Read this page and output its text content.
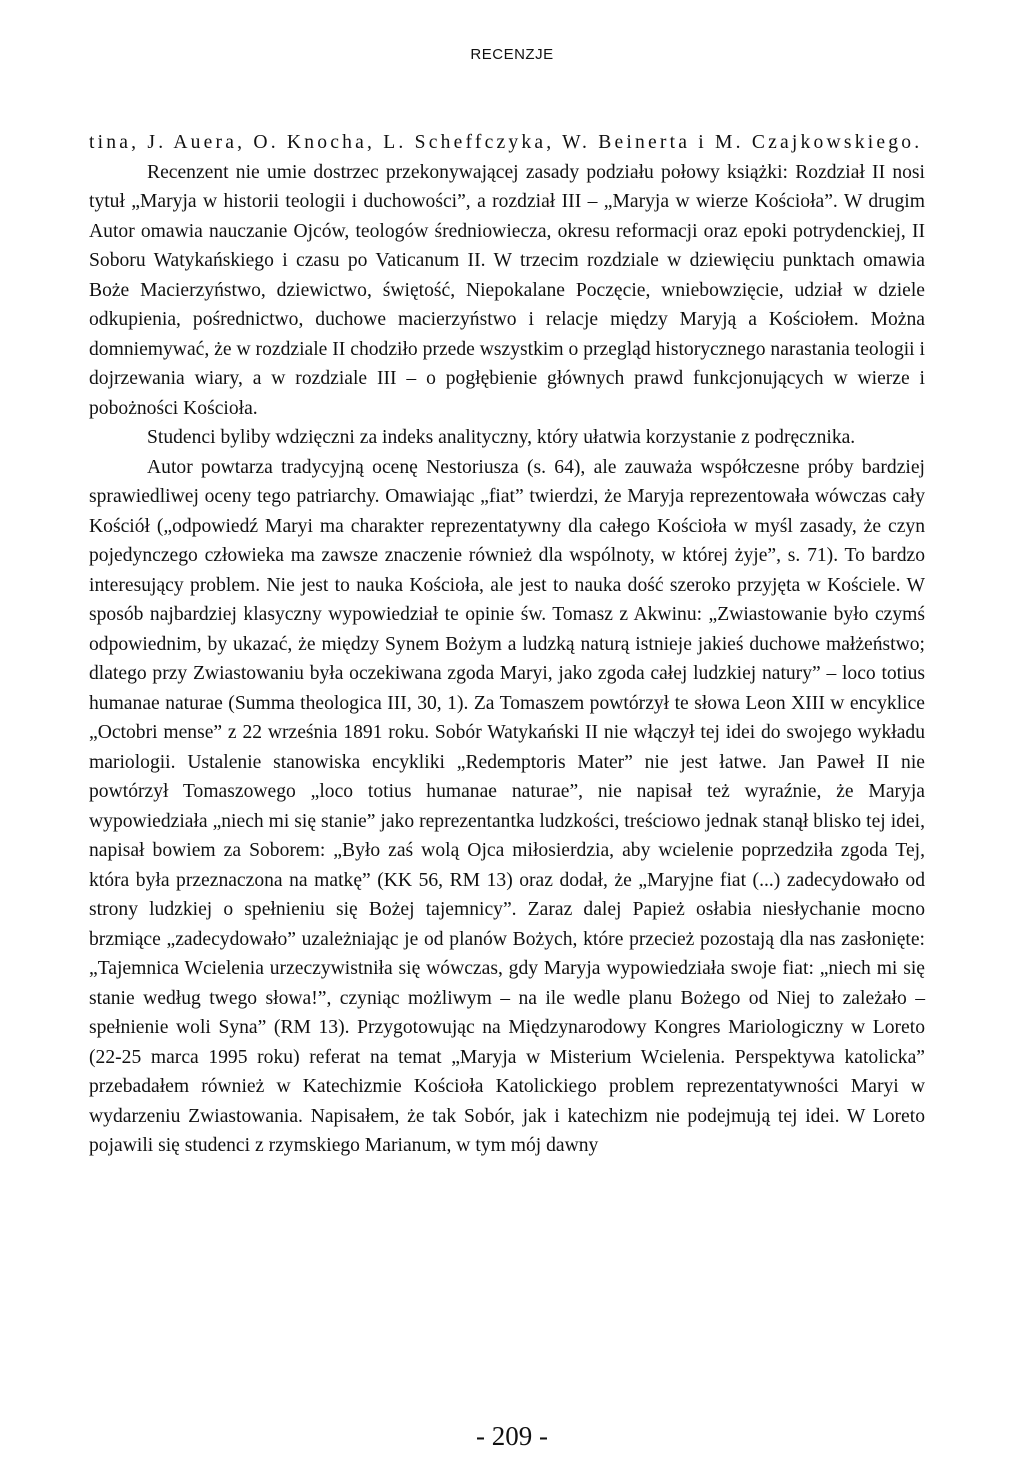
RECENZJE

tina, J. Auera, O. Knocha, L. Scheffczyka, W. Beinerta i M. Czajkowskiego.

Recenzent nie umie dostrzec przekonywającej zasady podziału połowy książki: Rozdział II nosi tytuł „Maryja w historii teologii i duchowości”, a rozdział III – „Maryja w wierze Kościoła”. W drugim Autor omawia nauczanie Ojców, teologów średniowiecza, okresu reformacji oraz epoki potrydenckiej, II Soboru Watykańskiego i czasu po Vaticanum II. W trzecim rozdziale w dziewięciu punktach omawia Boże Macierzyństwo, dziewictwo, świętość, Niepokalane Poczęcie, wniebowzięcie, udział w dziele odkupienia, pośrednictwo, duchowe macierzyństwo i relacje między Maryją a Kościołem. Można domniemywać, że w rozdziale II chodziło przede wszystkim o przegląd historycznego narastania teologii i dojrzewania wiary, a w rozdziale III – o pogłębienie głównych prawd funkcjonujących w wierze i pobożności Kościoła.

Studenci byliby wdzięczni za indeks analityczny, który ułatwia korzystanie z podręcznika.

Autor powtarza tradycyjną ocenę Nestoriusza (s. 64), ale zauważa współczesne próby bardziej sprawiedliwej oceny tego patriarchy. Omawiając „fiat” twierdzi, że Maryja reprezentowała wówczas cały Kościół („odpowiedź Maryi ma charakter reprezentatywny dla całego Kościoła w myśl zasady, że czyn pojedynczego człowieka ma zawsze znaczenie również dla wspólnoty, w której żyje”, s. 71). To bardzo interesujący problem. Nie jest to nauka Kościoła, ale jest to nauka dość szeroko przyjęta w Kościele. W sposób najbardziej klasyczny wypowiedział te opinie św. Tomasz z Akwinu: „Zwiastowanie było czymś odpowiednim, by ukazać, że między Synem Bożym a ludzką naturą istnieje jakieś duchowe małżeństwo; dlatego przy Zwiastowaniu była oczekiwana zgoda Maryi, jako zgoda całej ludzkiej natury” – loco totius humanae naturae (Summa theologica III, 30, 1). Za Tomaszem powtórzył te słowa Leon XIII w encyklice „Octobri mense” z 22 września 1891 roku. Sobór Watykański II nie włączył tej idei do swojego wykładu mariologii. Ustalenie stanowiska encykliki „Redemptoris Mater” nie jest łatwe. Jan Paweł II nie powtórzył Tomaszowego „loco totius humanae naturae”, nie napisał też wyraźnie, że Maryja wypowiedziała „niech mi się stanie” jako reprezentantka ludzkości, treściowo jednak stanął blisko tej idei, napisał bowiem za Soborem: „Było zaś wolą Ojca miłosierdzia, aby wcielenie poprzedziła zgoda Tej, która była przeznaczona na matkę” (KK 56, RM 13) oraz dodał, że „Maryjne fiat (...) zadecydowało od strony ludzkiej o spełnieniu się Bożej tajemnicy”. Zaraz dalej Papież osłabia niesłychanie mocno brzmiące „zadecydowało” uzależniając je od planów Bożych, które przecież pozostają dla nas zasłonięte: „Tajemnica Wcielenia urzeczywistniła się wówczas, gdy Maryja wypowiedziała swoje fiat: „niech mi się stanie według twego słowa!”, czyniąc możliwym – na ile wedle planu Bożego od Niej to zależało – spełnienie woli Syna” (RM 13). Przygotowując na Międzynarodowy Kongres Mariologiczny w Loreto (22-25 marca 1995 roku) referat na temat „Maryja w Misterium Wcielenia. Perspektywa katolicka” przebadałem również w Katechizmie Kościoła Katolickiego problem reprezentatywności Maryi w wydarzeniu Zwiastowania. Napisałem, że tak Sobór, jak i katechizm nie podejmują tej idei. W Loreto pojawili się studenci z rzymskiego Marianum, w tym mój dawny

- 209 -
